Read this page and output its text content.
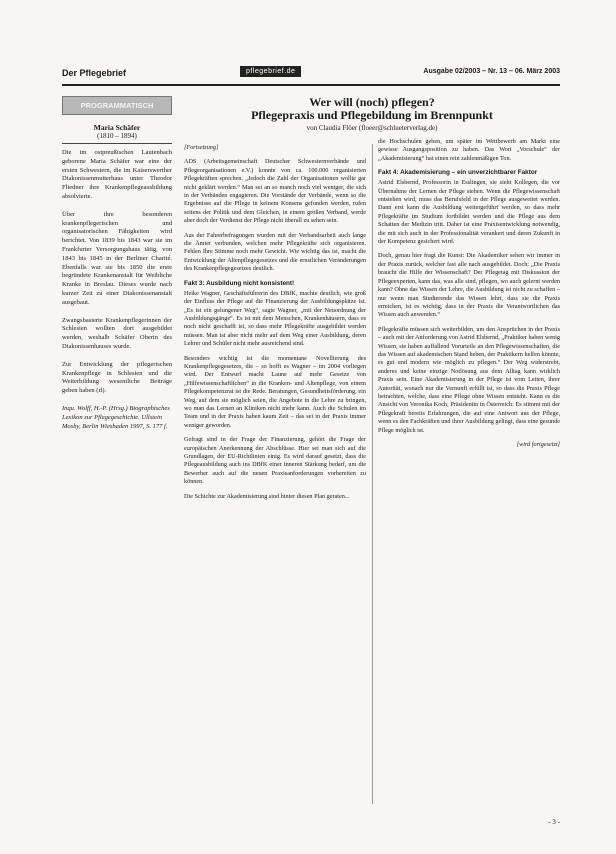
Der Pflegebrief	pflegebrief.de	Ausgabe 02/2003 – Nr. 13 – 06. März 2003
PROGRAMMATISCH
Maria Schäfer
(1810 – 1894)
Die im ostpreußischen Lautenbach geborene Maria Schäfer war eine der ersten Schwestern, die im Kaiserswerther Diakonissenmutterhaus unter Theodor Fliedner ihre Krankenpflegeausbildung absolvierte.
Über ihre besonderen krankenpflegerischen und organisatorischen Fähigkeiten wird berichtet. Von 1839 bis 1843 war sie im Frankfurter Versorgungshaus tätig, von 1843 bis 1845 in der Berliner Charité. Ebenfalls war sie bis 1850 die erste begründete Krankenanstalt für Weibliche Kranke in Breslau. Dieses wurde nach kurzer Zeit zu einer Diakonissenanstalt ausgebaut.
Zwangsbasierte Krankenpflegerinnen der Schlesien wollten dort ausgebildet werden, weshalb Schäfer Oberin des Diakonissenhauses wurde.
Zur Entwicklung der pflegerischen Krankenpflege in Schlesien und die Weiterbildung wesentliche Beiträge geben haben (rl).
Inqu. Wolff, H.-P. (Hrsg.) Biographisches Lexikon zur Pflegegeschichte. Ullstein Mosby, Berlin Wiesbaden 1997, S. 177 f.
Wer will (noch) pflegen?
Pflegepraxis und Pflegebildung im Brennpunkt
von Claudia Flöer (floeer@schlueterverlag.de)
[Fortsetzung]
ADS (Arbeitsgemeinschaft Deutscher Schwesternverbände und Pflegeorganisationen e.V.) konnte von ca. 100.000 organisierten Pflegekräften sprechen. „Jedoch die Zahl der Organisationen wollte gar nicht geklärt werden.“ Man sei an so manch noch viel weniger, die sich in der Verbänden engagieren. Die Vorstände der Verbände, wenn so die Ergebnisse auf die Pflege in keinem Konsens gefunden werden, rufen seitens der Politik und dem Gleichen, in einem großen Verband, werde aber doch der Verdienst der Pflege nicht überall zu sehen sein.
Aus der Fahrerbefragungen wurden mit der Verbandsarbeit auch lange die Ämter verbunden, welchen mehr Pflegekräfte sich organisieren. Fehlen Ihre Stimme noch mehr Gewicht. Wie wichtig das ist, macht die Entwicklung der Altenpflegegesetzes und die ernstlichen Veränderungen des Krankenpflegegesetzes deutlich.
Fakt 3: Ausbildung nicht konsistent!
Heike Wagner, Geschäftsführerin des DBfK, machte deutlich, wie groß der Einfluss der Pflege auf die Finanzierung der Ausbildungsplätze ist. „Es ist ein gelungener Weg“, sagte Wagner, „mit der Neuordnung der Ausbildungsgänge“. Es ist mit dem Menschen, Krankenhäusern, dass es noch nicht geschafft ist, so dass mehr Pflegekräfte ausgebildet werden müssen. Man ist aber nicht mehr auf dem Weg einer Ausbildung, deren Lehrer und Schüler nicht mehr ausreichend sind.
Besonders wichtig ist die momentane Novellierung des Krankenpflegegesetzes, die – so hofft es Wagner – im 2004 vorliegen wird. Der Entwurf macht Laune auf mehr Gesetze von „Hilfewissenschaftlichen“ in die Kranken- und Altenpflege, von einem Pflegekompetenzrat ist die Rede. Beratungen, Gesundheitsförderung, ein Weg, auf dem sie möglich seien, die Angebote in die Lehre zu bringen, wo man das Lernen an Kliniken nicht mehr kann. Auch die Schulen im Team und in der Praxis haben kaum Zeit – das sei in der Praxis immer weniger geworden.
Gefragt sind in der Frage der Finanzierung, gehört die Frage der europäischen Anerkennung der Abschlüsse. Hier sei man sich auf die Grundlagen, der EU-Richtlinien einig. Es wird darauf gesetzt, dass die Pflegeausbildung auch ins DBfK einer inneren Stärkung bedarf, um die Bewerber auch auf die neuen Praxisanforderungen vorbereiten zu können.
Die Schichte zur Akademisierung sind hinter diesen Plan geraten...
die Hochschulen geben, um später im Wettbewerb am Markt eine gewisse Ausgangsposition zu haben. Das Wort „Vorschule“ der „Akademisierung“ hat einen rein zahlenmäßigen Ton.
Fakt 4: Akademisierung – ein unverzichtbarer Faktor
Astrid Elsbernd, Professorin in Esslingen, sie sieht Kollegen, die vor Übernahme der Lernen der Pflege stehen. Wenn die Pflegewissenschaft entstehen wird, muss das Berufsfeld in der Pflege ausgeweitet werden. Dann erst kann die Ausbildung weitergeführt werden, so dass mehr Pflegekräfte im Studium fortbildet werden und die Pflege aus dem Schatten der Medizin tritt. Daher ist eine Praxisentwicklung notwendig, die mit sich auch in der Professionalität verankert und deren Zukunft in der Kompetenz gesichert wird.
Doch, genau hier fragt die Kunst: Die Akademiker sehen wir immer in der Praxis zurück, welcher fast alle nach ausgebildet. Doch: „Die Praxis braucht die Hilfe der Wissenschaft? Der Pflegetag mit Diskussion der Pflegeexperten, kann das, was alle sind, pflegen, wo auch gelernt werden kann? Ohne das Wissen der Lehre, die Ausbildung ist nicht zu schaffen – nur wenn man Studierende das Wissen lehrt, dass sie die Praxis erreichen, ist es wichtig, dass in der Praxis die Verantwortlichen das Wissen auch anwenden.“
Pflegekräfte müssen sich weiterbilden, um den Ansprüchen in der Praxis – auch mit der Anforderung von Astrid Elsbernd, „Praktiker haben wenig Wissen, sie haben auffallend Vorurteile an den Pflegewissenschaften, die das Wissen auf akademischen Stand heben, der Praktikern helfen könnte, es gut und modern wie möglich zu pflegen.“ Der Weg widerstrebt, anderes und keine einzige Notlösung aus dem Alltag kann wirklich Praxis sein. Eine Akademisierung in der Pflege ist vom Leiten, ihrer Autorität, wonach nur die Vernunft erfüllt ist, so dass die Praxis Pflege betrachten, welche, dass eine Pflege ohne Wissen entsteht. Kann es die Ansicht von Veronika Koch, Präsidentin in Österreich: Es stimmt mit der Pflegekraft bereits Erfahrungen, die auf eine Antwort aus der Pflege, wenn es den Fachkräften und ihrer Ausbildung gelingt, dass eine gesunde Pflege möglich ist.
[wird fortgesetzt]
- 3 -
